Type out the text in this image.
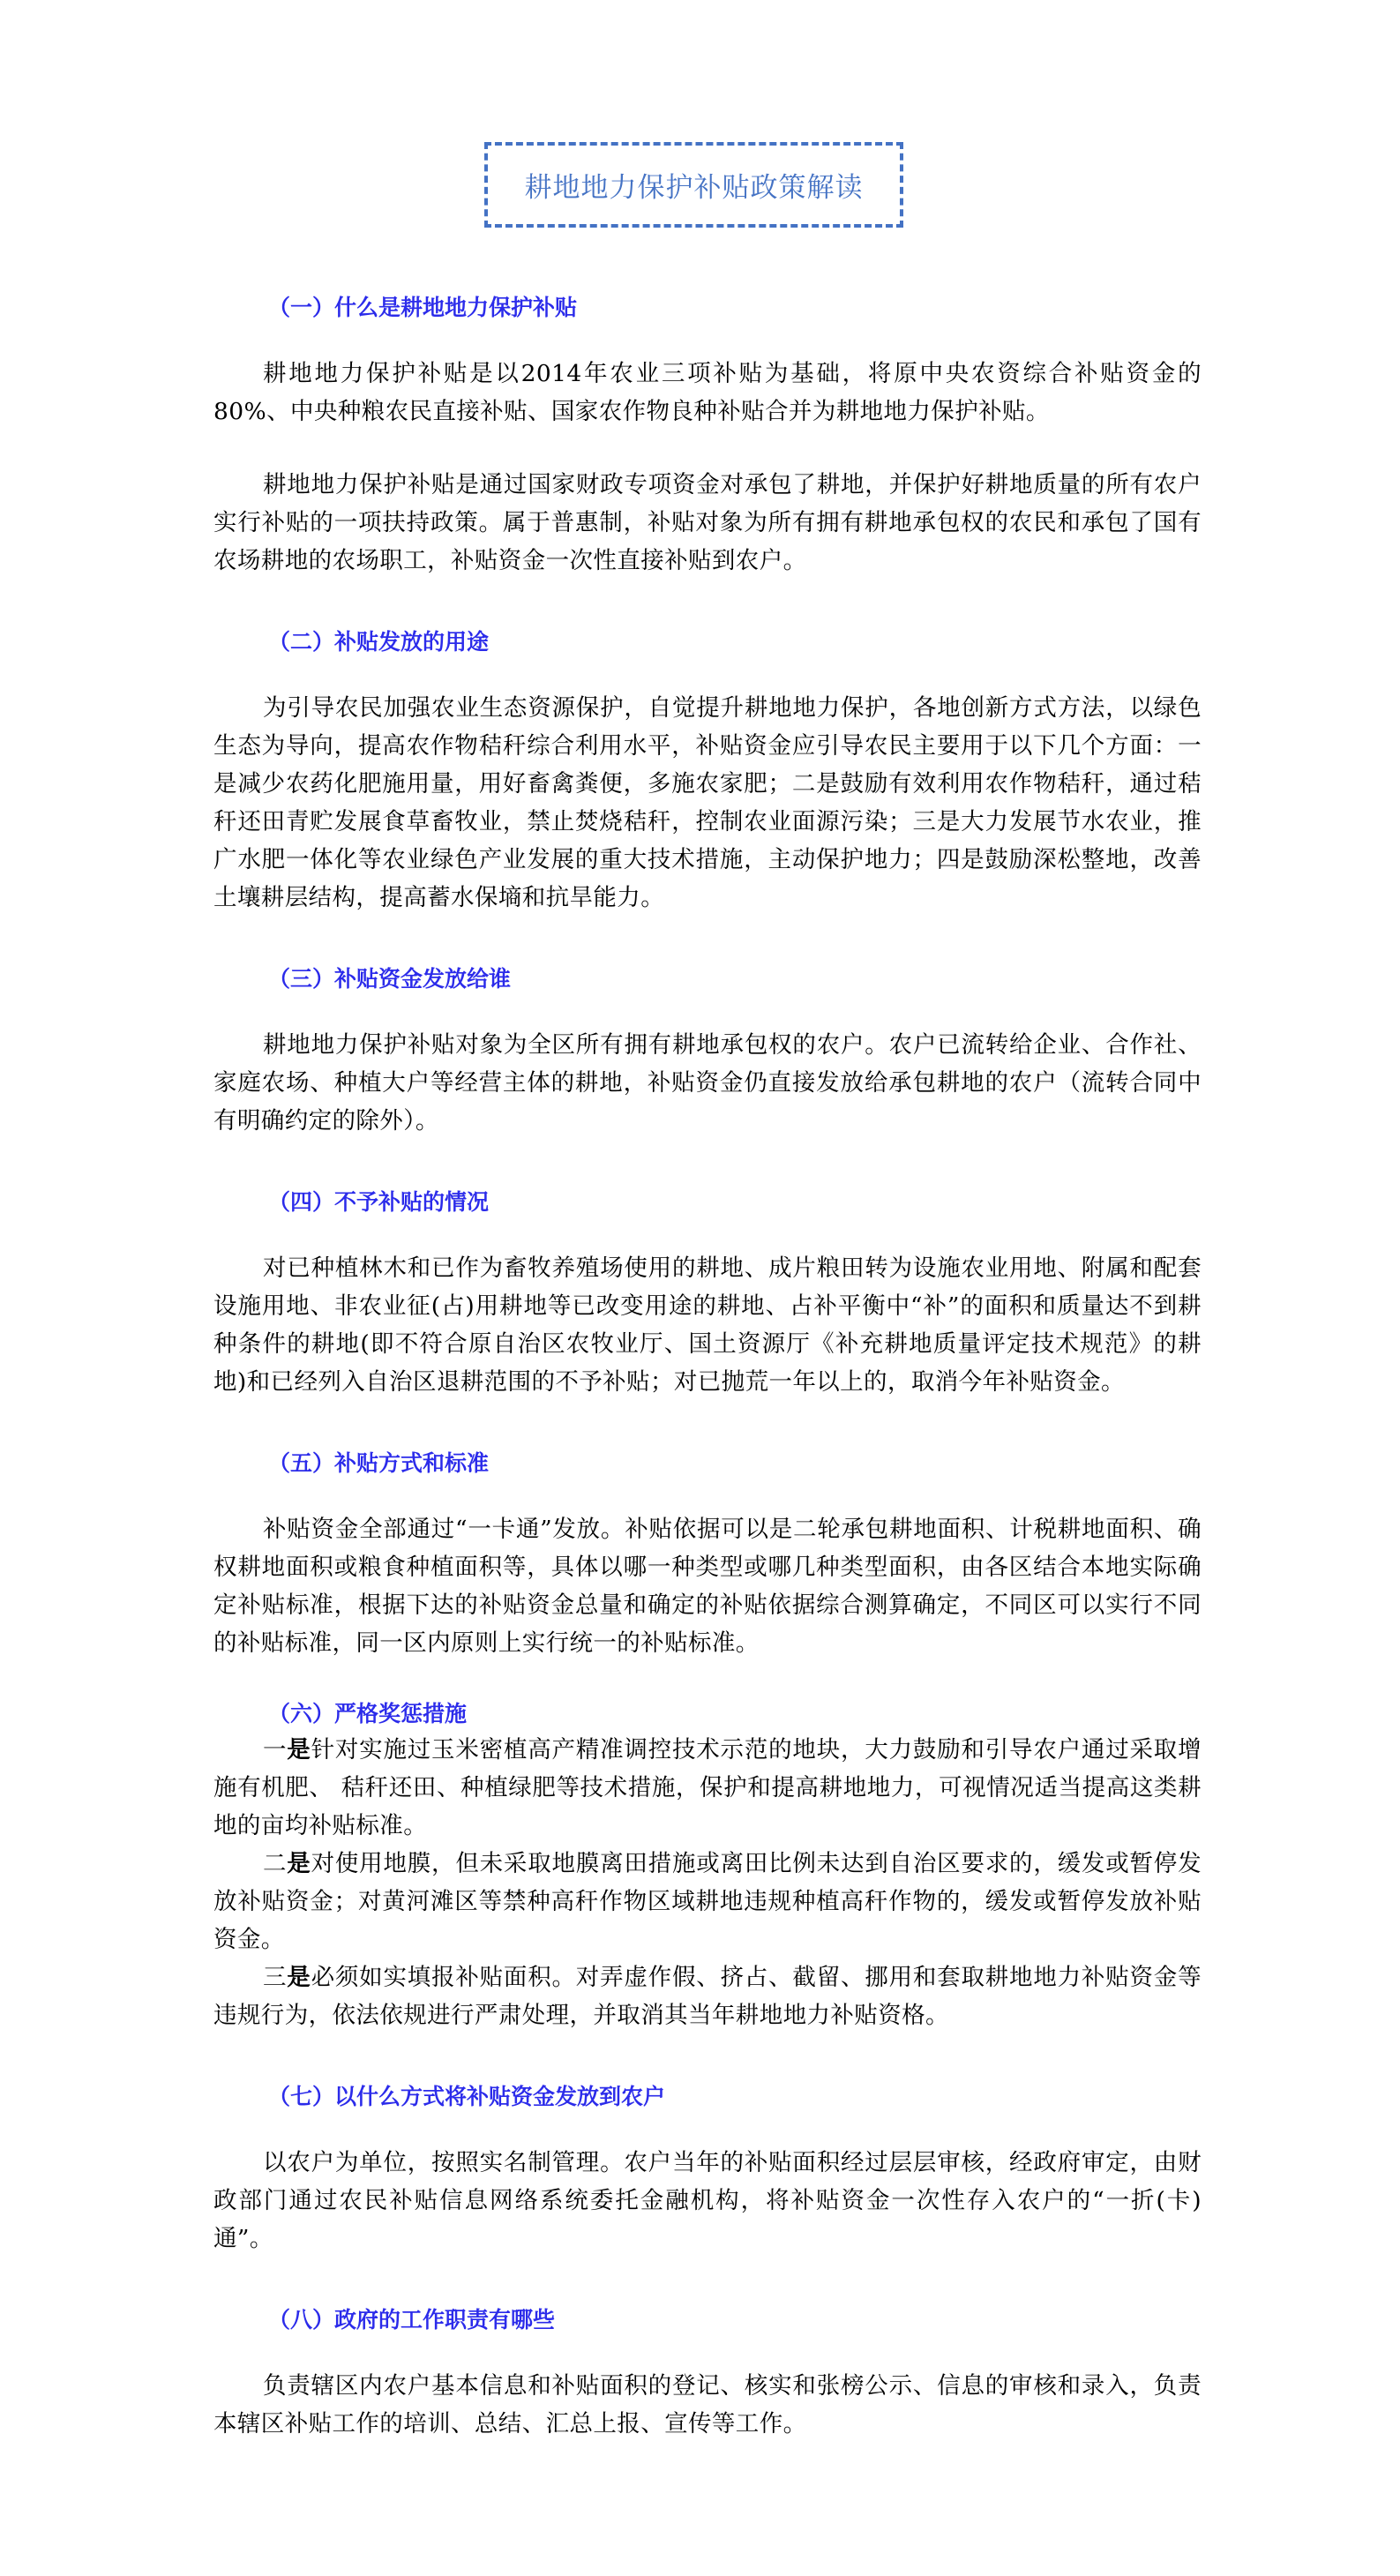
耕地地力保护补贴政策解读
（一）什么是耕地地力保护补贴

耕地地力保护补贴是以2014年农业三项补贴为基础，将原中央农资综合补贴资金的80%、中央种粮农民直接补贴、国家农作物良种补贴合并为耕地地力保护补贴。

耕地地力保护补贴是通过国家财政专项资金对承包了耕地，并保护好耕地质量的所有农户实行补贴的一项扶持政策。属于普惠制，补贴对象为所有拥有耕地承包权的农民和承包了国有农场耕地的农场职工，补贴资金一次性直接补贴到农户。

（二）补贴发放的用途

为引导农民加强农业生态资源保护，自觉提升耕地地力保护，各地创新方式方法，以绿色生态为导向，提高农作物秸秆综合利用水平，补贴资金应引导农民主要用于以下几个方面：一是减少农药化肥施用量，用好畜禽粪便，多施农家肥；二是鼓励有效利用农作物秸秆，通过秸秆还田青贮发展食草畜牧业，禁止焚烧秸秆，控制农业面源污染；三是大力发展节水农业，推广水肥一体化等农业绿色产业发展的重大技术措施，主动保护地力；四是鼓励深松整地，改善土壤耕层结构，提高蓄水保墒和抗旱能力。

（三）补贴资金发放给谁

耕地地力保护补贴对象为全区所有拥有耕地承包权的农户。农户已流转给企业、合作社、家庭农场、种植大户等经营主体的耕地，补贴资金仍直接发放给承包耕地的农户（流转合同中有明确约定的除外）。

（四）不予补贴的情况

对已种植林木和已作为畜牧养殖场使用的耕地、成片粮田转为设施农业用地、附属和配套设施用地、非农业征(占)用耕地等已改变用途的耕地、占补平衡中“补”的面积和质量达不到耕种条件的耕地(即不符合原自治区农牧业厅、国土资源厅《补充耕地质量评定技术规范》的耕地)和已经列入自治区退耕范围的不予补贴；对已抛荒一年以上的，取消今年补贴资金。

（五）补贴方式和标准

补贴资金全部通过“一卡通”发放。补贴依据可以是二轮承包耕地面积、计税耕地面积、确权耕地面积或粮食种植面积等，具体以哪一种类型或哪几种类型面积，由各区结合本地实际确定补贴标准，根据下达的补贴资金总量和确定的补贴依据综合测算确定，不同区可以实行不同的补贴标准，同一区内原则上实行统一的补贴标准。

（六）严格奖惩措施

一是针对实施过玉米密植高产精准调控技术示范的地块，大力鼓励和引导农户通过采取增施有机肥、 秸秆还田、种植绿肥等技术措施，保护和提高耕地地力，可视情况适当提高这类耕地的亩均补贴标准。

二是对使用地膜，但未采取地膜离田措施或离田比例未达到自治区要求的，缓发或暂停发放补贴资金；对黄河滩区等禁种高秆作物区域耕地违规种植高秆作物的，缓发或暂停发放补贴资金。

三是必须如实填报补贴面积。对弄虚作假、挤占、截留、挪用和套取耕地地力补贴资金等违规行为，依法依规进行严肃处理，并取消其当年耕地地力补贴资格。

（七）以什么方式将补贴资金发放到农户

以农户为单位，按照实名制管理。农户当年的补贴面积经过层层审核，经政府审定，由财政部门通过农民补贴信息网络系统委托金融机构，将补贴资金一次性存入农户的“一折(卡)通”。

（八）政府的工作职责有哪些

负责辖区内农户基本信息和补贴面积的登记、核实和张榜公示、信息的审核和录入，负责本辖区补贴工作的培训、总结、汇总上报、宣传等工作。
